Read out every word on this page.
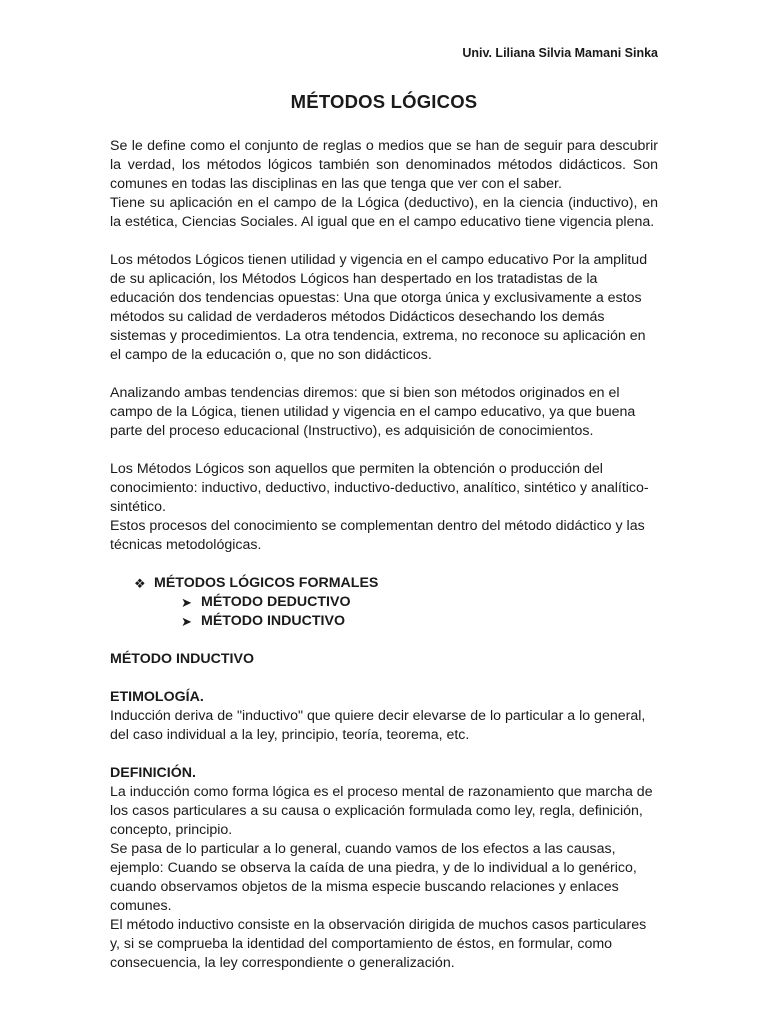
Univ. Liliana Silvia Mamani Sinka
MÉTODOS LÓGICOS

Se le define como el conjunto de reglas o medios que se han de seguir para descubrir la verdad, los métodos lógicos también son denominados métodos didácticos. Son comunes en todas las disciplinas en las que tenga que ver con el saber.
Tiene su aplicación en el campo de la Lógica (deductivo), en la ciencia (inductivo), en la estética, Ciencias Sociales. Al igual que en el campo educativo tiene vigencia plena.

Los métodos Lógicos tienen utilidad y vigencia en el campo educativo Por la amplitud de su aplicación, los Métodos Lógicos han despertado en los tratadistas de la educación dos tendencias opuestas: Una que otorga única y exclusivamente a estos métodos su calidad de verdaderos métodos Didácticos desechando los demás sistemas y procedimientos. La otra tendencia, extrema, no reconoce su aplicación en el campo de la educación o, que no son didácticos.

Analizando ambas tendencias diremos: que si bien son métodos originados en el campo de la Lógica, tienen utilidad y vigencia en el campo educativo, ya que buena parte del proceso educacional (Instructivo), es adquisición de conocimientos.

Los Métodos Lógicos son aquellos que permiten la obtención o producción del conocimiento: inductivo, deductivo, inductivo-deductivo, analítico, sintético y analítico-sintético.
Estos procesos del conocimiento se complementan dentro del método didáctico y las técnicas metodológicas.

❖ MÉTODOS LÓGICOS FORMALES
➤ MÉTODO DEDUCTIVO
➤ MÉTODO INDUCTIVO

MÉTODO INDUCTIVO

ETIMOLOGÍA.
Inducción deriva de "inductivo" que quiere decir elevarse de lo particular a lo general, del caso individual a la ley, principio, teoría, teorema, etc.
DEFINICIÓN.
La inducción como forma lógica es el proceso mental de razonamiento que marcha de los casos particulares a su causa o explicación formulada como ley, regla, definición, concepto, principio.
Se pasa de lo particular a lo general, cuando vamos de los efectos a las causas, ejemplo: Cuando se observa la caída de una piedra, y de lo individual a lo genérico, cuando observamos objetos de la misma especie buscando relaciones y enlaces comunes.
El método inductivo consiste en la observación dirigida de muchos casos particulares y, si se comprueba la identidad del comportamiento de éstos, en formular, como consecuencia, la ley correspondiente o generalización.
